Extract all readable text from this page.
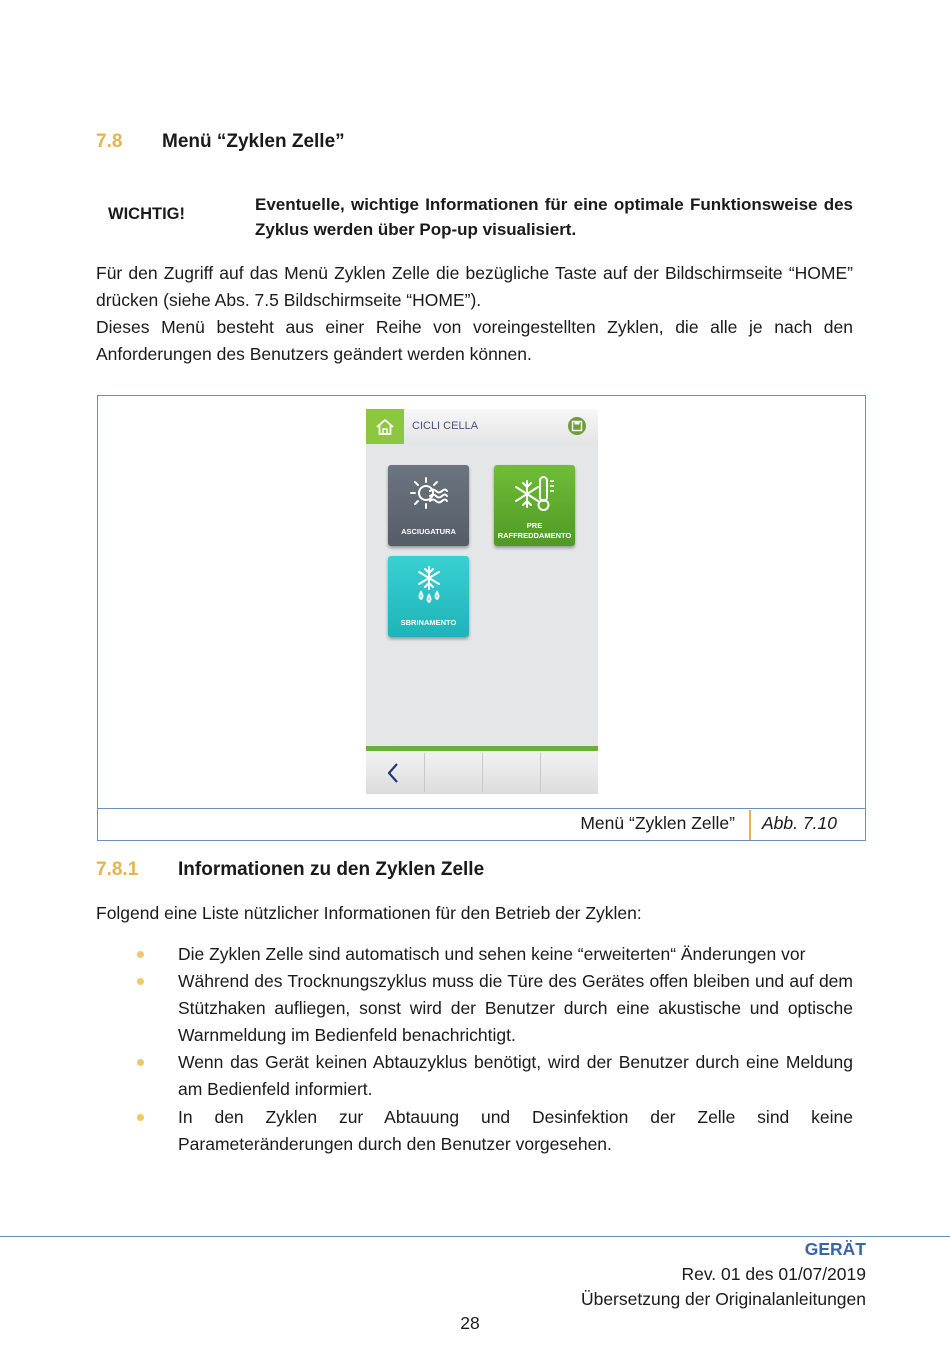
7.8 Menü “Zyklen Zelle”
WICHTIG!	Eventuelle, wichtige Informationen für eine optimale Funktionsweise des Zyklus werden über Pop-up visualisiert.
Für den Zugriff auf das Menü Zyklen Zelle die bezügliche Taste auf der Bildschirmseite “HOME” drücken (siehe Abs. 7.5 Bildschirmseite “HOME”).
Dieses Menü besteht aus einer Reihe von voreingestellten Zyklen, die alle je nach den Anforderungen des Benutzers geändert werden können.
CICLI CELLA
ASCIUGATURA
PRE
RAFFREDDAMENTO
SBRINAMENTO
Menü “Zyklen Zelle” Abb. 7.10
7.8.1 Informationen zu den Zyklen Zelle
Folgend eine Liste nützlicher Informationen für den Betrieb der Zyklen:
Die Zyklen Zelle sind automatisch und sehen keine “erweiterten“ Änderungen vor
Während des Trocknungszyklus muss die Türe des Gerätes offen bleiben und auf dem Stützhaken aufliegen, sonst wird der Benutzer durch eine akustische und optische Warnmeldung im Bedienfeld benachrichtigt.
Wenn das Gerät keinen Abtauzyklus benötigt, wird der Benutzer durch eine Meldung am Bedienfeld informiert.
In den Zyklen zur Abtauung und Desinfektion der Zelle sind keine Parameteränderungen durch den Benutzer vorgesehen.
GERÄT
Rev. 01 des 01/07/2019
Übersetzung der Originalanleitungen
28
